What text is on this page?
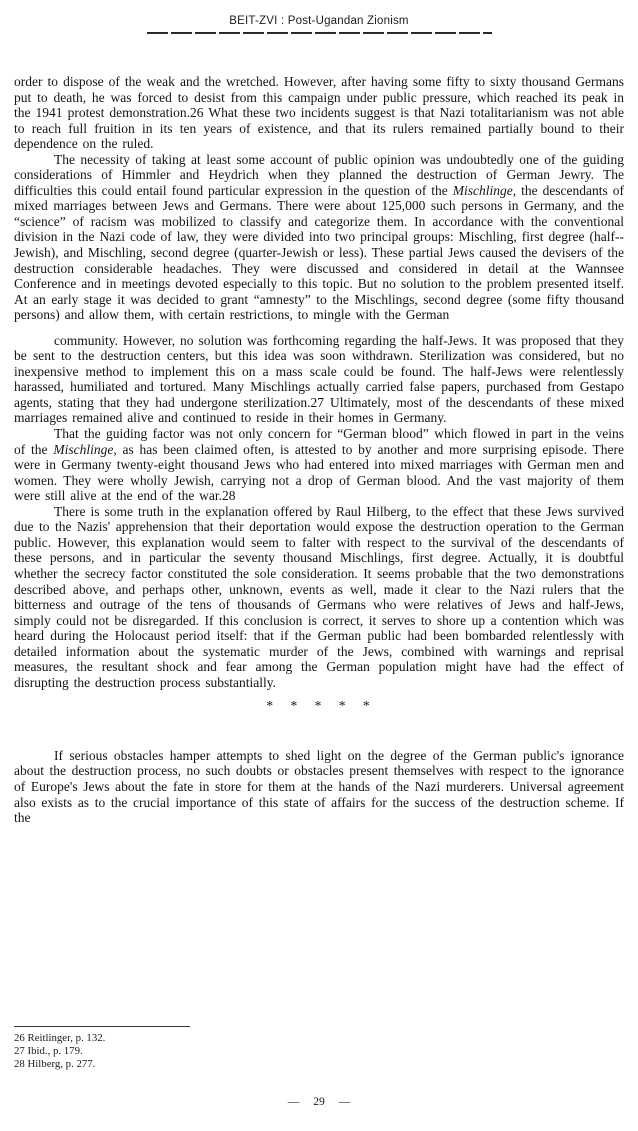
BEIT-ZVI : Post-Ugandan Zionism

order to dispose of the weak and the wretched. However, after having some fifty to sixty thousand Germans put to death, he was forced to desist from this campaign under public pressure, which reached its peak in the 1941 protest demonstration.26 What these two incidents suggest is that Nazi totalitarianism was not able to reach full fruition in its ten years of existence, and that its rulers remained partially bound to their dependence on the ruled.

The necessity of taking at least some account of public opinion was undoubtedly one of the guiding considerations of Himmler and Heydrich when they planned the destruction of German Jewry. The difficulties this could entail found particular expression in the question of the Mischlinge, the descendants of mixed marriages between Jews and Germans. There were about 125,000 such persons in Germany, and the “science” of racism was mobilized to classify and categorize them. In accordance with the conventional division in the Nazi code of law, they were divided into two principal groups: Mischling, first degree (half--Jewish), and Mischling, second degree (quarter-Jewish or less). These partial Jews caused the devisers of the destruction considerable headaches. They were discussed and considered in detail at the Wannsee Conference and in meetings devoted especially to this topic. But no solution to the problem presented itself. At an early stage it was decided to grant “amnesty” to the Mischlings, second degree (some fifty thousand persons) and allow them, with certain restrictions, to mingle with the German

community. However, no solution was forthcoming regarding the half-Jews. It was proposed that they be sent to the destruction centers, but this idea was soon withdrawn. Sterilization was considered, but no inexpensive method to implement this on a mass scale could be found. The half-Jews were relentlessly harassed, humiliated and tortured. Many Mischlings actually carried false papers, purchased from Gestapo agents, stating that they had undergone sterilization.27 Ultimately, most of the descendants of these mixed marriages remained alive and continued to reside in their homes in Germany.

That the guiding factor was not only concern for “German blood” which flowed in part in the veins of the Mischlinge, as has been claimed often, is attested to by another and more surprising episode. There were in Germany twenty-eight thousand Jews who had entered into mixed marriages with German men and women. They were wholly Jewish, carrying not a drop of German blood. And the vast majority of them were still alive at the end of the war.28

There is some truth in the explanation offered by Raul Hilberg, to the effect that these Jews survived due to the Nazis' apprehension that their deportation would expose the destruction operation to the German public. However, this explanation would seem to falter with respect to the survival of the descendants of these persons, and in particular the seventy thousand Mischlings, first degree. Actually, it is doubtful whether the secrecy factor constituted the sole consideration. It seems probable that the two demonstrations described above, and perhaps other, unknown, events as well, made it clear to the Nazi rulers that the bitterness and outrage of the tens of thousands of Germans who were relatives of Jews and half-Jews, simply could not be disregarded. If this conclusion is correct, it serves to shore up a contention which was heard during the Holocaust period itself: that if the German public had been bombarded relentlessly with detailed information about the systematic murder of the Jews, combined with warnings and reprisal measures, the resultant shock and fear among the German population might have had the effect of disrupting the destruction process substantially.

* * * * *

If serious obstacles hamper attempts to shed light on the degree of the German public's ignorance about the destruction process, no such doubts or obstacles present themselves with respect to the ignorance of Europe's Jews about the fate in store for them at the hands of the Nazi murderers. Universal agreement also exists as to the crucial importance of this state of affairs for the success of the destruction scheme. If the

26 Reitlinger, p. 132.
27 Ibid., p. 179.
28 Hilberg, p. 277.
— 29 —
